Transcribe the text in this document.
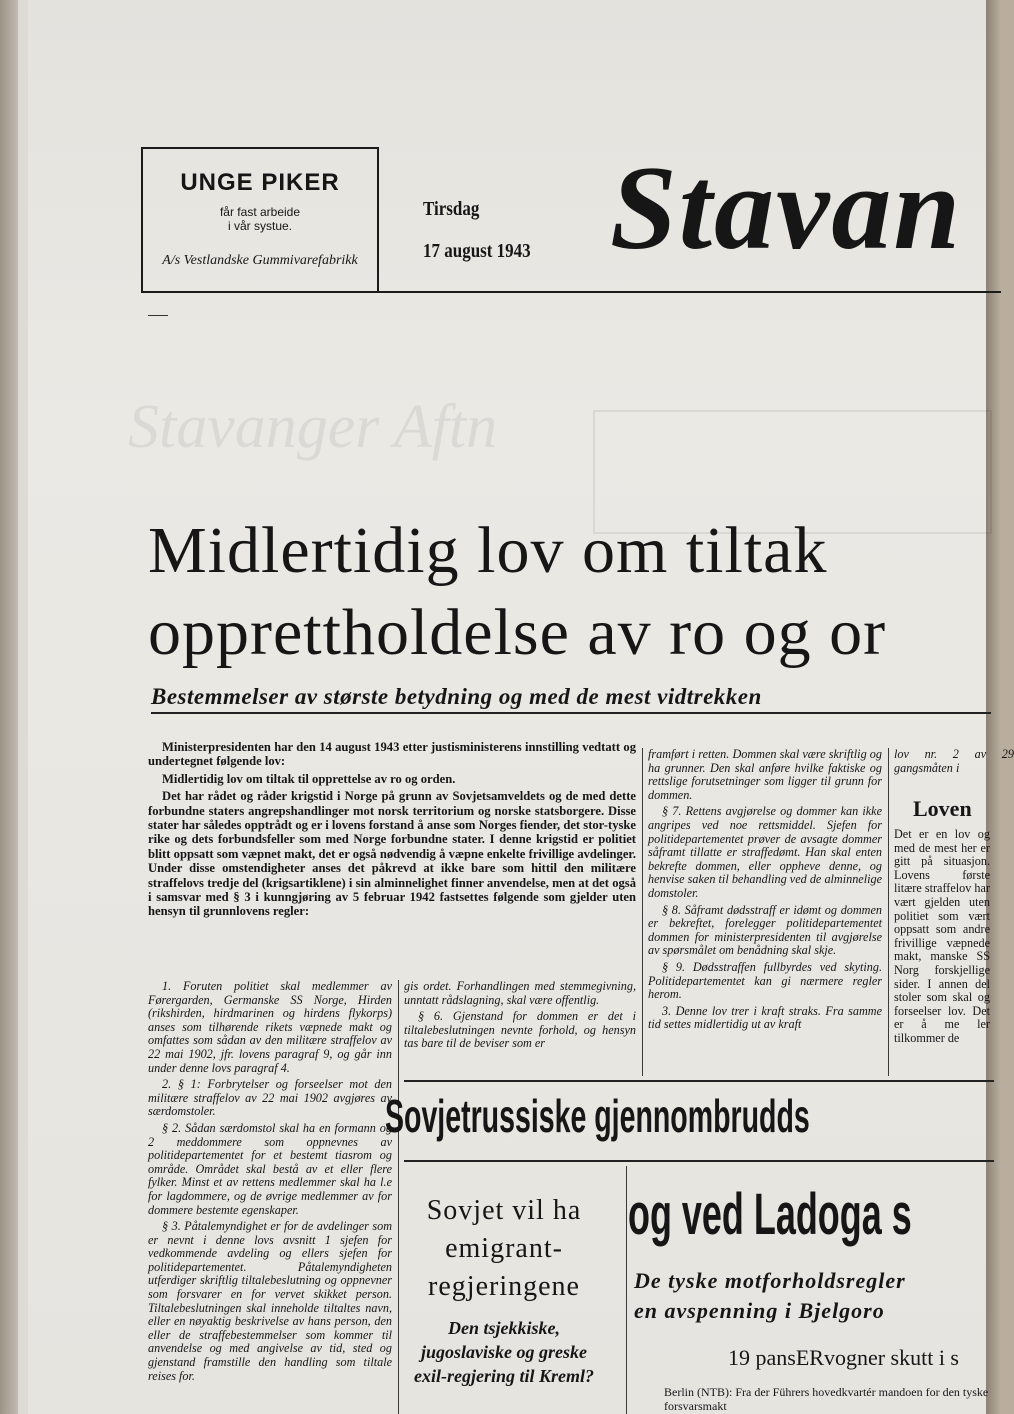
Stavanger Aftn
UNGE PIKER
får fast arbeide
i vår systue.
A/s Vestlandske Gummivarefabrikk
Tirsdag
17 august 1943 Stavan
Midlertidig lov om tiltak
opprettholdelse av ro og or
Bestemmelser av største betydning og med de mest vidtrekken

Ministerpresidenten har den 14 august 1943 etter justisministerens innstilling vedtatt og undertegnet følgende lov:

Midlertidig lov om tiltak til opprettelse av ro og orden.

Det har rådet og råder krigstid i Norge på grunn av Sovjetsamveldets og de med dette forbundne staters angrepshandlinger mot norsk territorium og norske statsborgere. Disse stater har således opptrådt og er i lovens forstand å anse som Norges fiender, det stor-tyske rike og dets forbundsfeller som med Norge forbundne stater. I denne krigstid er politiet blitt oppsatt som væpnet makt, det er også nødvendig å væpne enkelte frivillige avdelinger. Under disse omstendigheter anses det påkrevd at ikke bare som hittil den militære straffelovs tredje del (krigsartiklene) i sin alminnelighet finner anvendelse, men at det også i samsvar med § 3 i kunngjøring av 5 februar 1942 fastsettes følgende som gjelder uten hensyn til grunnlovens regler:

1. Foruten politiet skal medlemmer av Førergarden, Germanske SS Norge, Hirden (rikshirden, hirdmarinen og hirdens flykorps) anses som tilhørende rikets væpnede makt og omfattes som sådan av den militære straffelov av 22 mai 1902, jfr. lovens paragraf 9, og går inn under denne lovs paragraf 4.

2. § 1: Forbrytelser og forseelser mot den militære straffelov av 22 mai 1902 avgjøres av særdomstoler.

§ 2. Sådan særdomstol skal ha en formann og 2 meddommere som oppnevnes av politidepartementet for et bestemt tiasrom og område. Området skal bestå av et eller flere fylker. Minst et av rettens medlemmer skal ha l.e for lagdommere, og de øvrige medlemmer av for dommere bestemte egenskaper.

§ 3. Påtalemyndighet er for de avdelinger som er nevnt i denne lovs avsnitt 1 sjefen for vedkommende avdeling og ellers sjefen for politidepartementet. Påtalemyndigheten utferdiger skriftlig tiltalebeslutning og oppnevner som forsvarer en for vervet skikket person. Tiltalebeslutningen skal inneholde tiltaltes navn, eller en nøyaktig beskrivelse av hans person, den eller de straffebestemmelser som kommer til anvendelse og med angivelse av tid, sted og gjenstand framstille den handling som tiltale reises for.

gis ordet. Forhandlingen med stemmegivning, unntatt rådslagning, skal være offentlig.

§ 6. Gjenstand for dommen er det i tiltalebeslutningen nevnte forhold, og hensyn tas bare til de beviser som er

framført i retten. Dommen skal være skriftlig og ha grunner. Den skal anføre hvilke faktiske og rettslige forutsetninger som ligger til grunn for dommen.

§ 7. Rettens avgjørelse og dommer kan ikke angripes ved noe rettsmiddel. Sjefen for politidepartementet prøver de avsagte dommer såframt tillatte er straffedømt. Han skal enten bekrefte dommen, eller oppheve denne, og henvise saken til behandling ved de alminnelige domstoler.

§ 8. Såframt dødsstraff er idømt og dommen er bekreftet, forelegger politidepartementet dommen for ministerpresidenten til avgjørelse av spørsmålet om benådning skal skje.

§ 9. Dødsstraffen fullbyrdes ved skyting. Politidepartementet kan gi nærmere regler herom.

3. Denne lov trer i kraft straks. Fra samme tid settes midlertidig ut av kraft

lov nr. 2 av 29 gangsmåten i
Loven
Det er en lov og med de mest her er gitt på situasjon. Lovens første litære straffelov har vært gjelden uten politiet som vært oppsatt som andre frivillige væpnede makt, manske SS Norg forskjellige sider. I annen del stoler som skal og forseelser lov. Det er å me ler tilkommer de
Sovjetrussiske gjennombrudds
Sovjet vil ha
emigrant-
regjeringene
Den tsjekkiske,
jugoslaviske og greske
exil-regjering til Kreml?
og ved Ladoga s
De tyske motforholdsregler
en avspenning i Bjelgoro
19 pansERvogner skutt i s
Berlin (NTB): Fra der Führers hovedkvartér mandoen for den tyske forsvarsmakt
